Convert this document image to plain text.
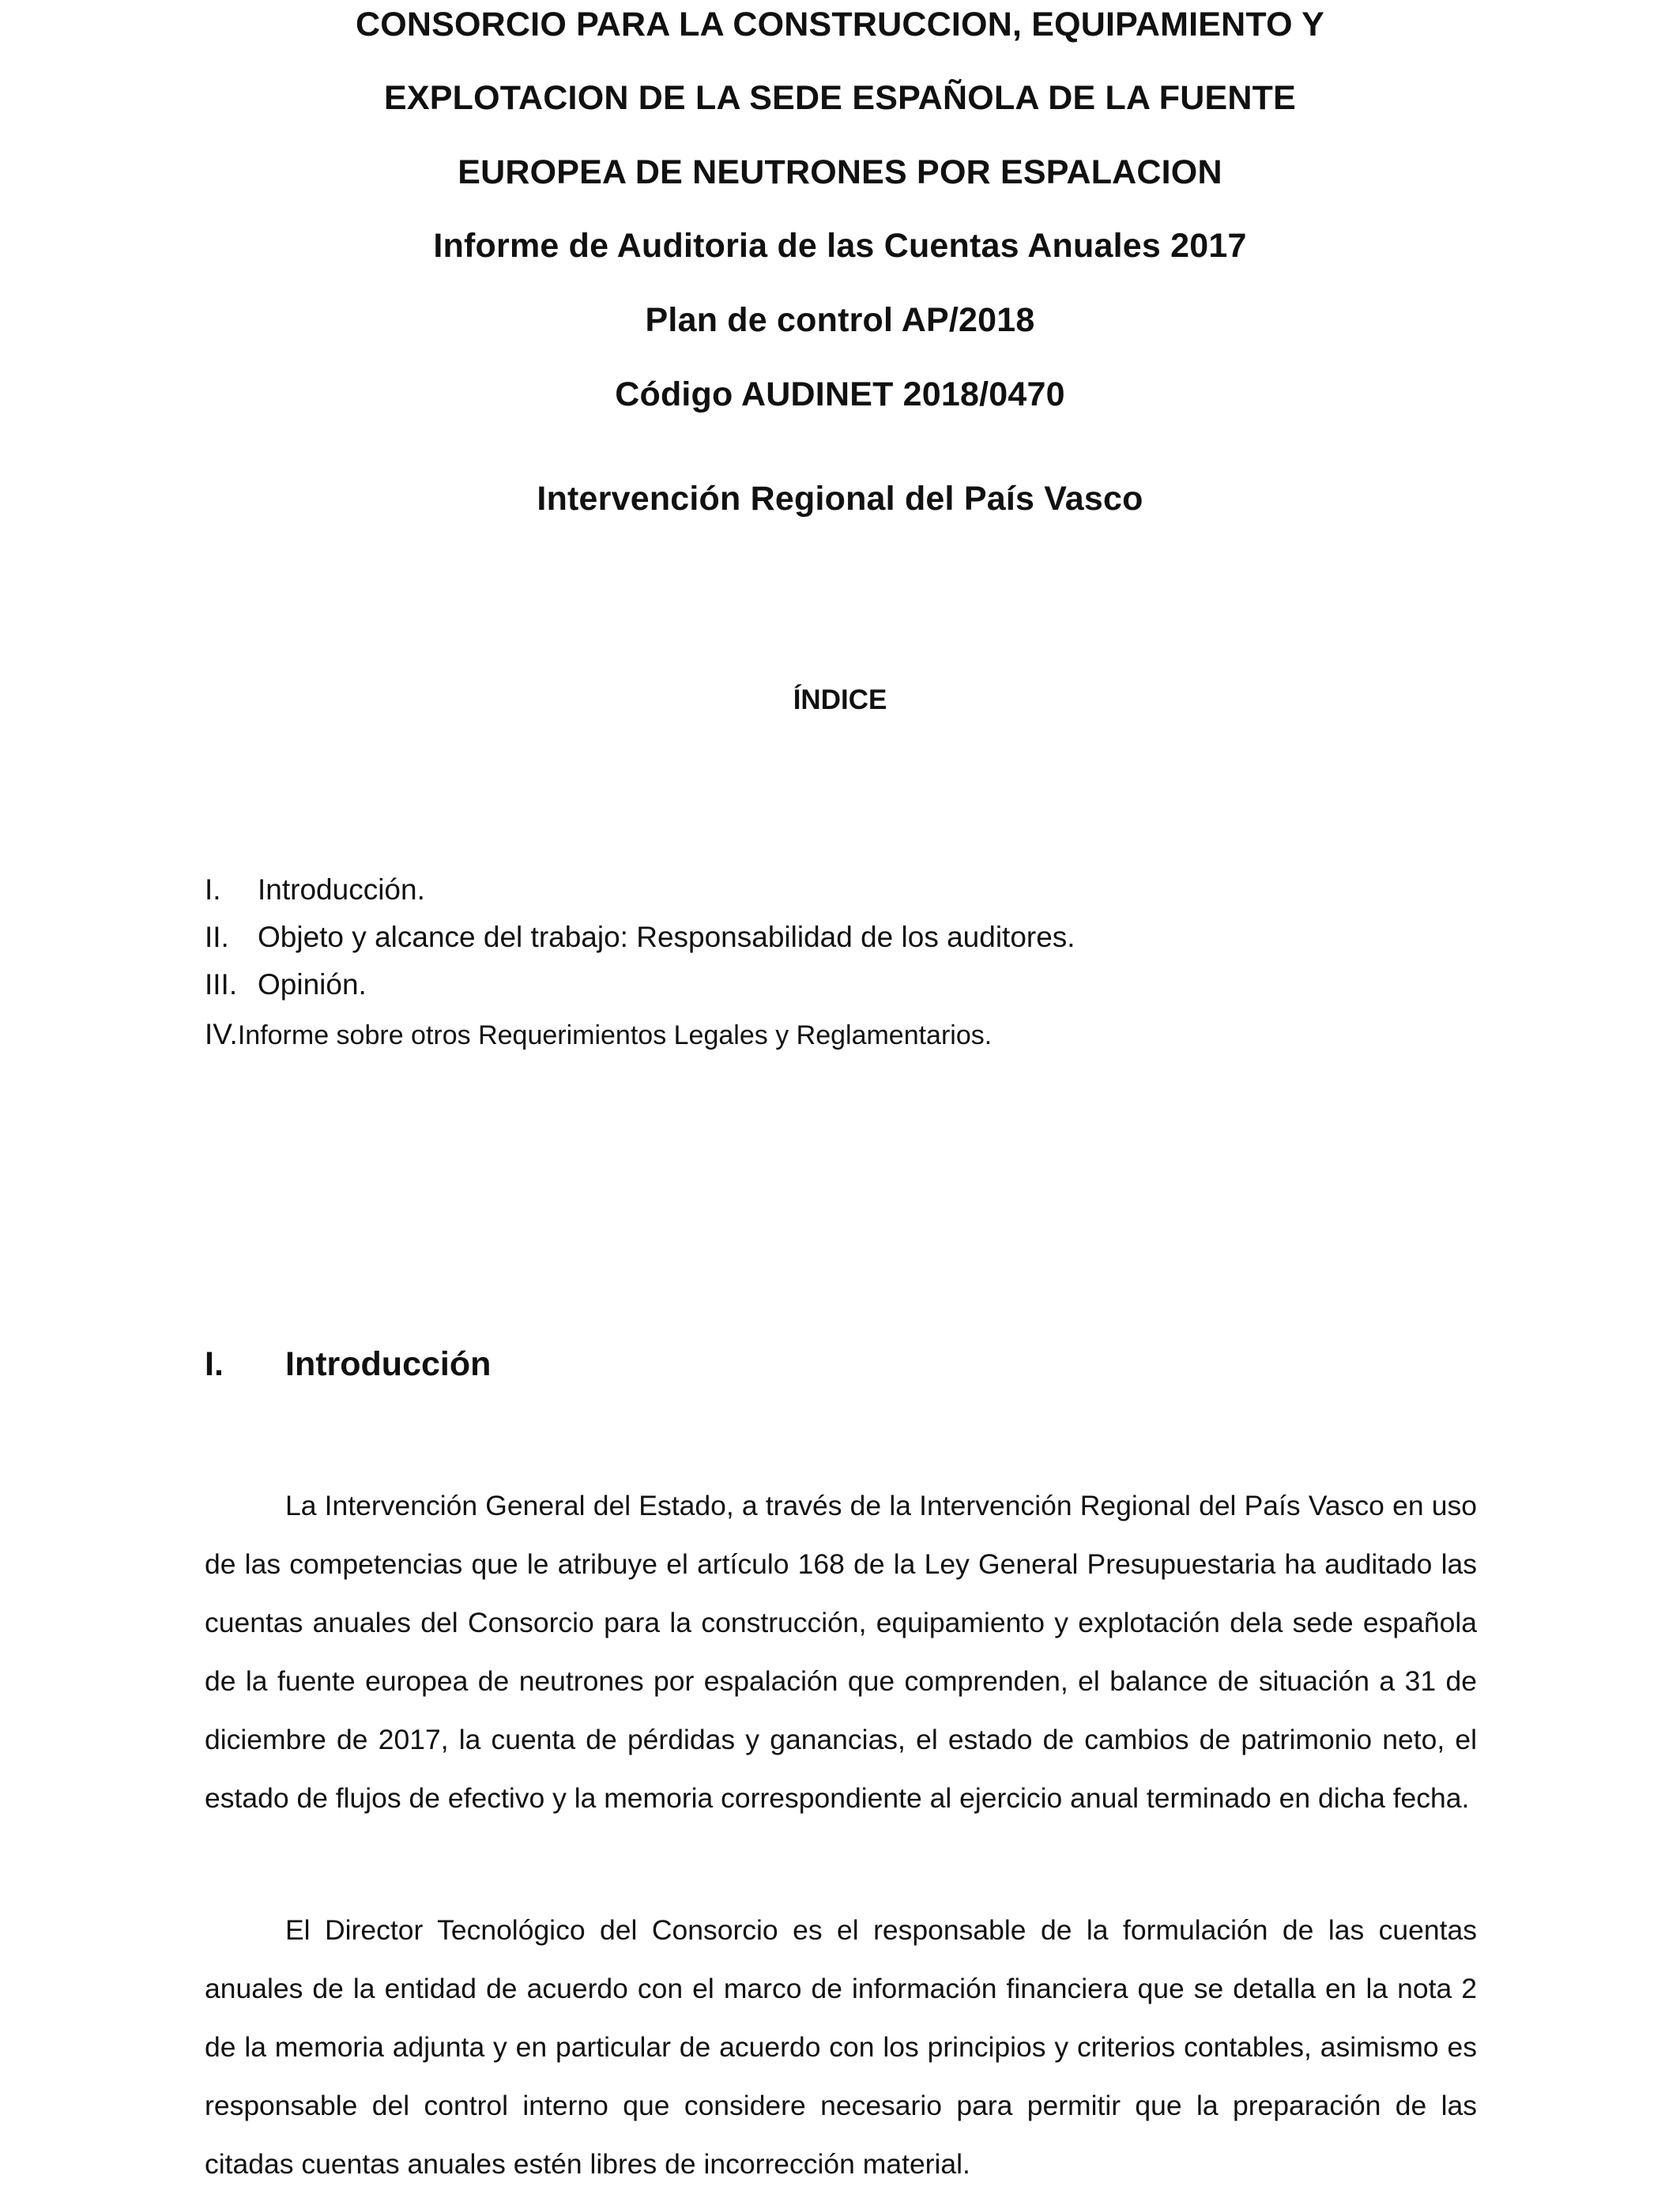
CONSORCIO PARA LA CONSTRUCCION, EQUIPAMIENTO Y
EXPLOTACION DE LA SEDE ESPAÑOLA DE LA FUENTE
EUROPEA DE NEUTRONES POR ESPALACION
Informe de Auditoria de las Cuentas Anuales 2017
Plan de control AP/2018
Código AUDINET 2018/0470
Intervención Regional del País Vasco
ÍNDICE
I. Introducción.
II. Objeto y alcance del trabajo: Responsabilidad de los auditores.
III. Opinión.
IV.Informe sobre otros Requerimientos Legales y Reglamentarios.
I. Introducción
La Intervención General del Estado, a través de la Intervención Regional del País Vasco en uso de las competencias que le atribuye el artículo 168 de la Ley General Presupuestaria ha auditado las cuentas anuales del Consorcio para la construcción, equipamiento y explotación dela sede española de la fuente europea de neutrones por espalación que comprenden, el balance de situación a 31 de diciembre de 2017, la cuenta de pérdidas y ganancias, el estado de cambios de patrimonio neto, el estado de flujos de efectivo y la memoria correspondiente al ejercicio anual terminado en dicha fecha.
El Director Tecnológico del Consorcio es el responsable de la formulación de las cuentas anuales de la entidad de acuerdo con el marco de información financiera que se detalla en la nota 2 de la memoria adjunta y en particular de acuerdo con los principios y criterios contables, asimismo es responsable del control interno que considere necesario para permitir que la preparación de las citadas cuentas anuales estén libres de incorrección material.
